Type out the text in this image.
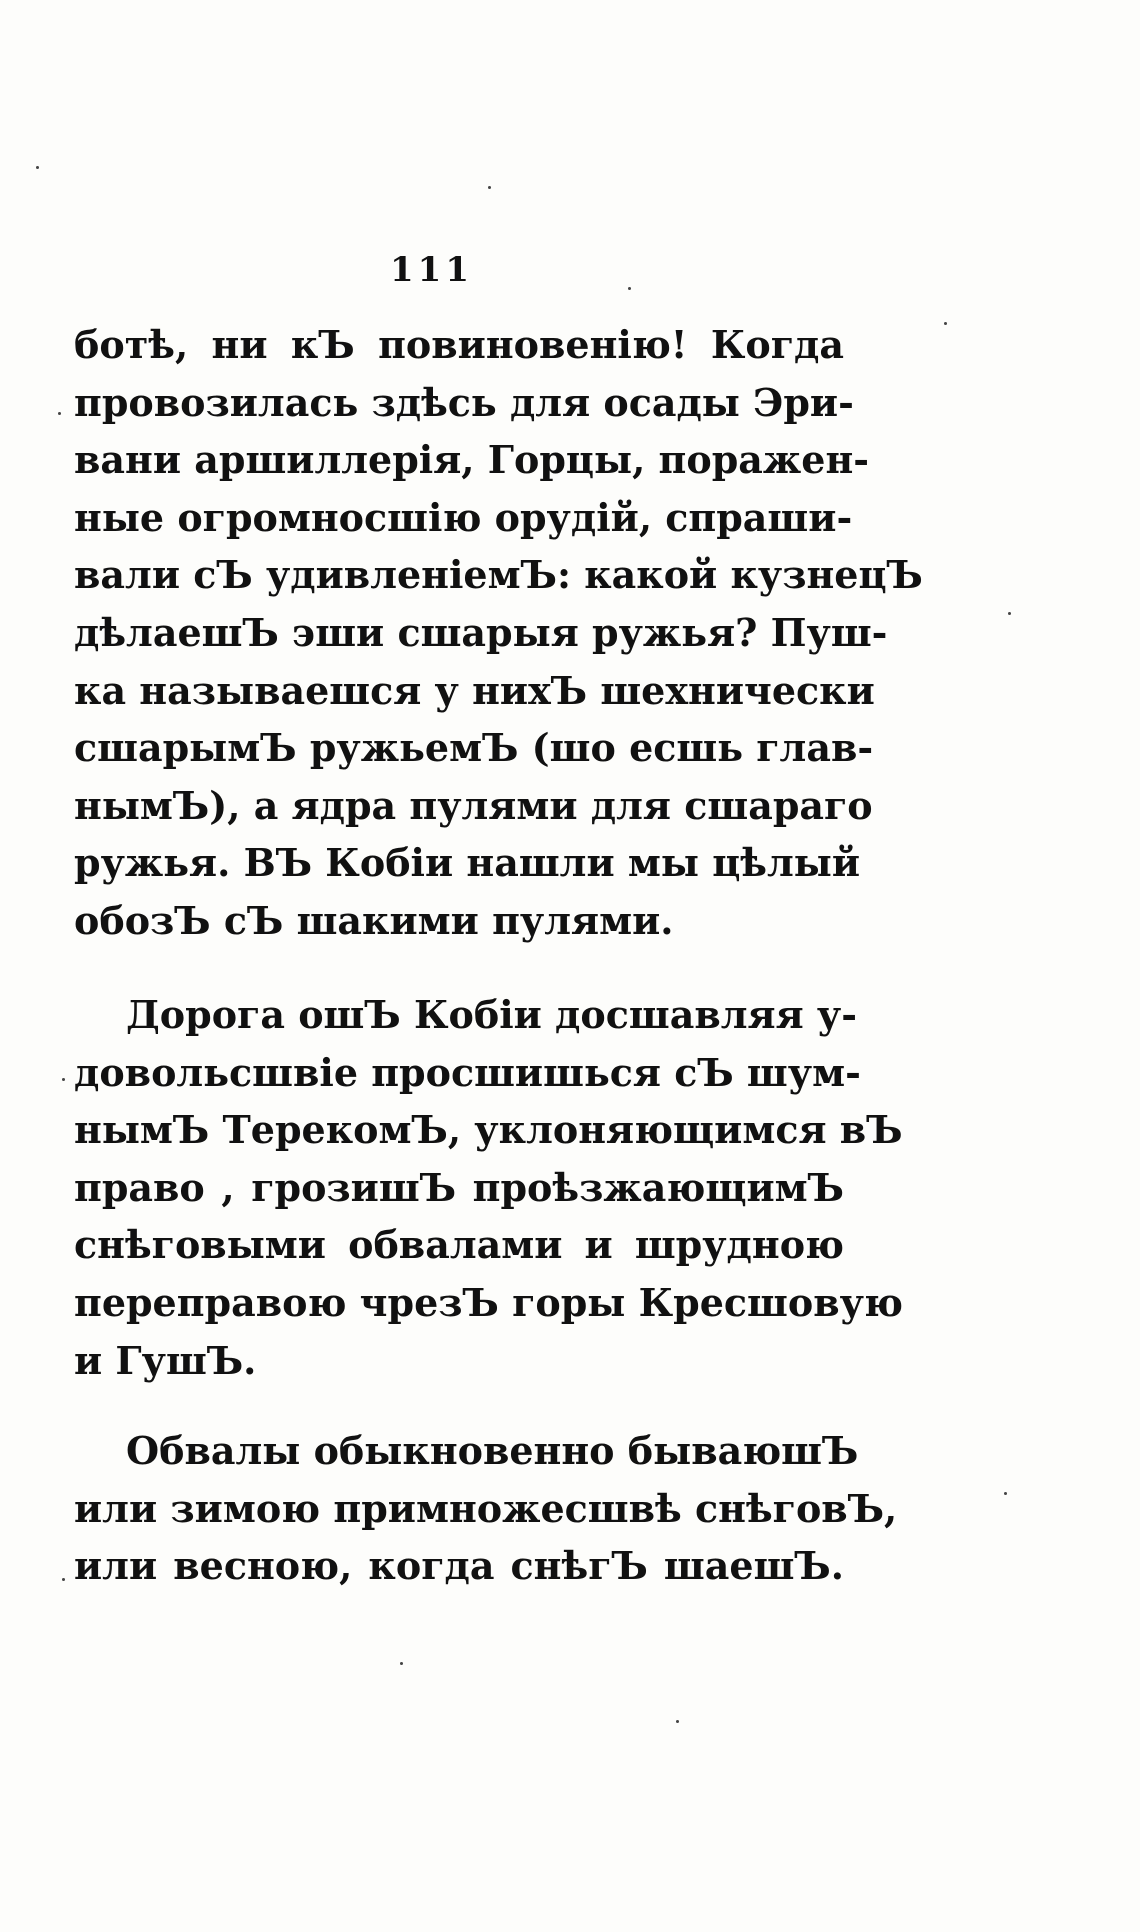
111
ботѣ, ни кЪ повиновенію! Когда
провозилась здѣсь для осады Эри-
вани аршиллерія, Горцы, поражен-
ные огромносшію орудій, спраши-
вали сЪ удивленіемЪ: какой кузнецЪ
дѣлаешЪ эши сшарыя ружья? Пуш-
ка называешся у нихЪ шехнически
сшарымЪ ружьемЪ (шо есшь глав-
нымЪ), а ядра пулями для сшараго
ружья. ВЪ Кобіи нашли мы цѣлый
обозЪ сЪ шакими пулями.
Дорога ошЪ Кобіи досшавляя у-
довольсшвіе просшишься сЪ шум-
нымЪ ТерекомЪ, уклоняющимся вЪ
право , грозишЪ проѣзжающимЪ
снѣговыми обвалами и шрудною
переправою чрезЪ горы Кресшовую
и ГушЪ.
Обвалы обыкновенно бываюшЪ
или зимою примножесшвѣ снѣговЪ,
или весною, когда снѣгЪ шаешЪ.
